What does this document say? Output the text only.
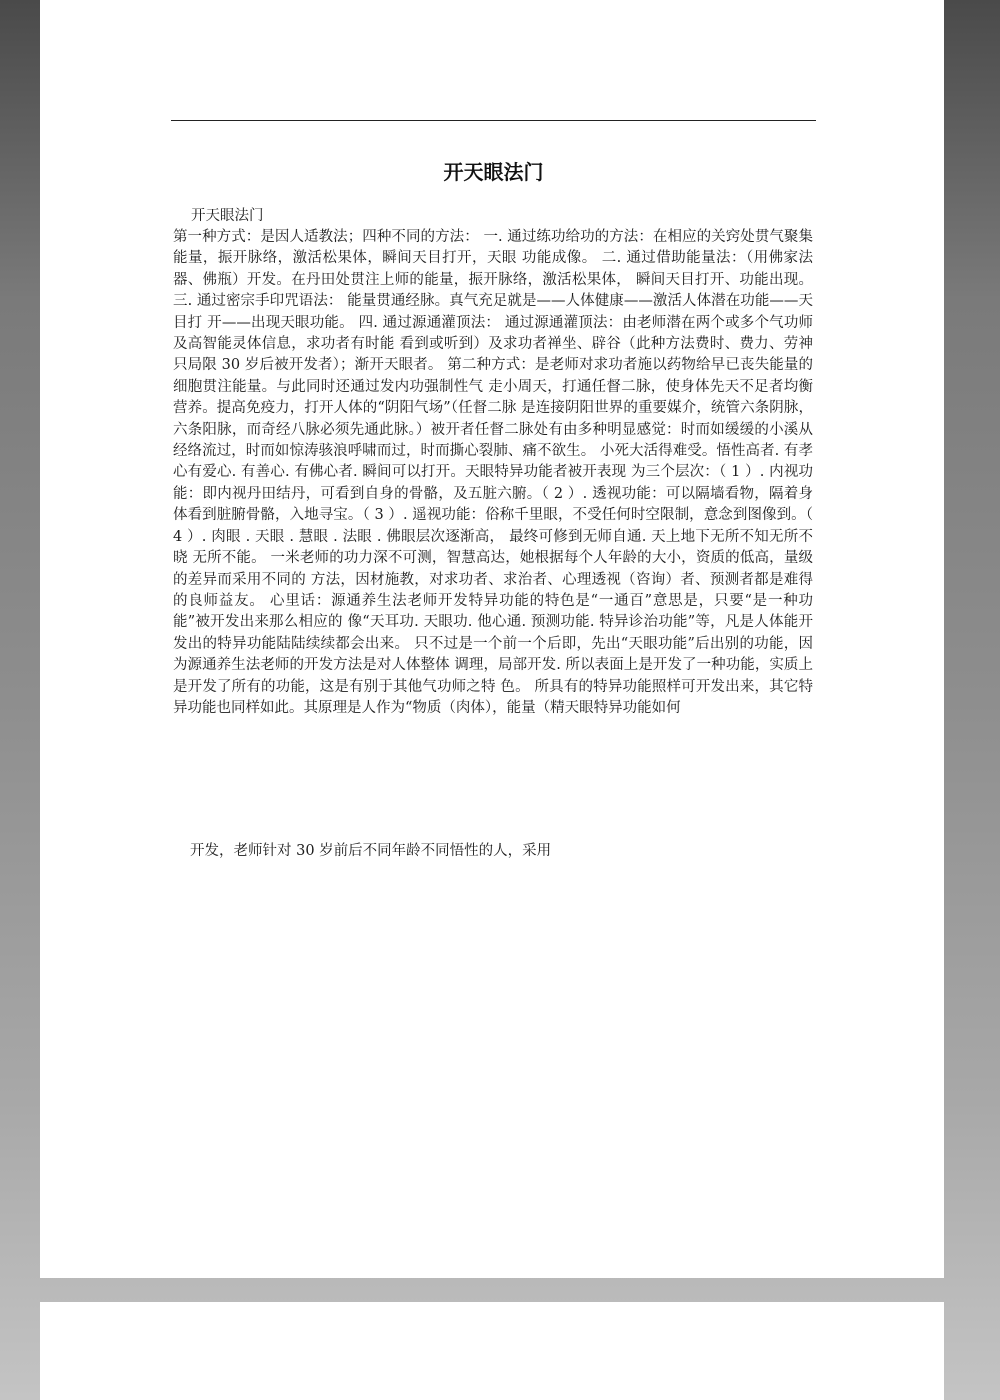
开天眼法门

开天眼法门

第一种方式：是因人适教法；四种不同的方法： 一. 通过练功给功的方法：在相应的关窍处贯气聚集能量，振开脉络，激活松果体，瞬间天目打开，天眼 功能成像。 二. 通过借助能量法：（用佛家法器、佛瓶）开发。在丹田处贯注上师的能量，振开脉络，激活松果体， 瞬间天目打开、功能出现。 三. 通过密宗手印咒语法： 能量贯通经脉。真气充足就是——人体健康——激活人体潜在功能——天目打 开——出现天眼功能。 四. 通过源通灌顶法： 通过源通灌顶法：由老师潜在两个或多个气功师及高智能灵体信息，求功者有时能 看到或听到）及求功者禅坐、辟谷（此种方法费时、费力、劳神只局限 30 岁后被开发者）；渐开天眼者。 第二种方式：是老师对求功者施以药物给早已丧失能量的细胞贯注能量。与此同时还通过发内功强制性气 走小周天，打通任督二脉，使身体先天不足者均衡营养。提高免疫力，打开人体的“阴阳气场”（任督二脉 是连接阴阳世界的重要媒介，统管六条阴脉，六条阳脉，而奇经八脉必须先通此脉。）被开者任督二脉处有由多种明显感觉：时而如缓缓的小溪从经络流过，时而如惊涛骇浪呼啸而过，时而撕心裂肺、痛不欲生。 小死大活得难受。悟性高者. 有孝心有爱心. 有善心. 有佛心者. 瞬间可以打开。天眼特异功能者被开表现 为三个层次：（ 1 ）. 内视功能：即内视丹田结丹，可看到自身的骨骼，及五脏六腑。（ 2 ）. 透视功能：可以隔墙看物，隔着身体看到脏腑骨骼，入地寻宝。（ 3 ）. 遥视功能：俗称千里眼，不受任何时空限制，意念到图像到。（ 4 ）. 肉眼 . 天眼 . 慧眼 . 法眼 . 佛眼层次逐渐高， 最终可修到无师自通. 天上地下无所不知无所不晓 无所不能。 一米老师的功力深不可测，智慧高达，她根据每个人年龄的大小，资质的低高，量级的差异而采用不同的 方法，因材施教，对求功者、求治者、心理透视（咨询）者、预测者都是难得的良师益友。 心里话：源通养生法老师开发特异功能的特色是“一通百”意思是，只要“是一种功能”被开发出来那么相应的 像“天耳功. 天眼功. 他心通. 预测功能. 特异诊治功能”等，凡是人体能开发出的特异功能陆陆续续都会出来。 只不过是一个前一个后即，先出“天眼功能”后出别的功能，因为源通养生法老师的开发方法是对人体整体 调理，局部开发. 所以表面上是开发了一种功能，实质上是开发了所有的功能，这是有别于其他气功师之特 色。 所具有的特异功能照样可开发出来，其它特异功能也同样如此。其原理是人作为“物质（肉体），能量（精天眼特异功能如何

开发，老师针对 30 岁前后不同年龄不同悟性的人，采用
